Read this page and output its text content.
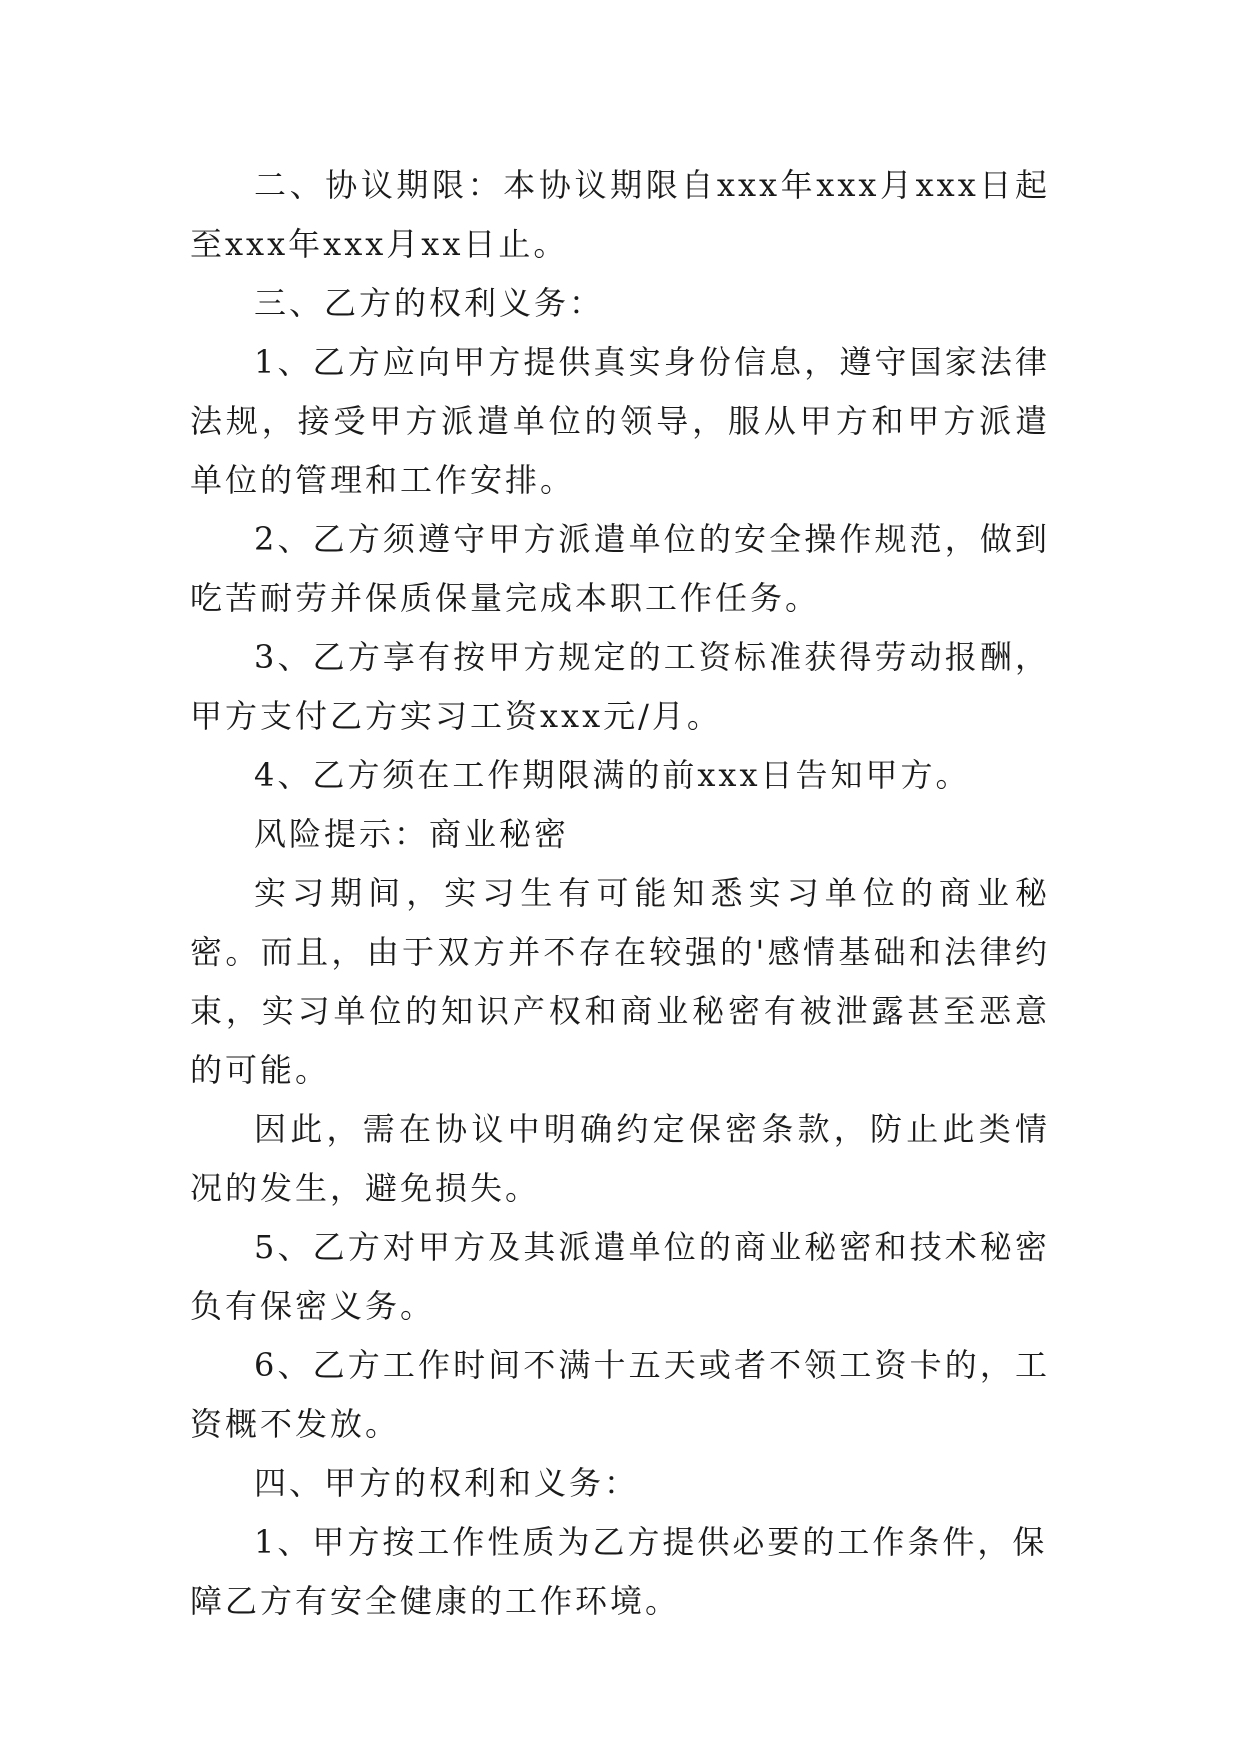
二、协议期限：本协议期限自xxx年xxx月xxx日起至xxx年xxx月xx日止。

三、乙方的权利义务：

1、乙方应向甲方提供真实身份信息，遵守国家法律法规，接受甲方派遣单位的领导，服从甲方和甲方派遣单位的管理和工作安排。

2、乙方须遵守甲方派遣单位的安全操作规范，做到吃苦耐劳并保质保量完成本职工作任务。

3、乙方享有按甲方规定的工资标准获得劳动报酬，甲方支付乙方实习工资xxx元/月。

4、乙方须在工作期限满的前xxx日告知甲方。

风险提示：商业秘密

实习期间，实习生有可能知悉实习单位的商业秘密。而且，由于双方并不存在较强的'感情基础和法律约束，实习单位的知识产权和商业秘密有被泄露甚至恶意的可能。

因此，需在协议中明确约定保密条款，防止此类情况的发生，避免损失。

5、乙方对甲方及其派遣单位的商业秘密和技术秘密负有保密义务。

6、乙方工作时间不满十五天或者不领工资卡的，工资概不发放。

四、甲方的权利和义务：

1、甲方按工作性质为乙方提供必要的工作条件，保障乙方有安全健康的工作环境。
